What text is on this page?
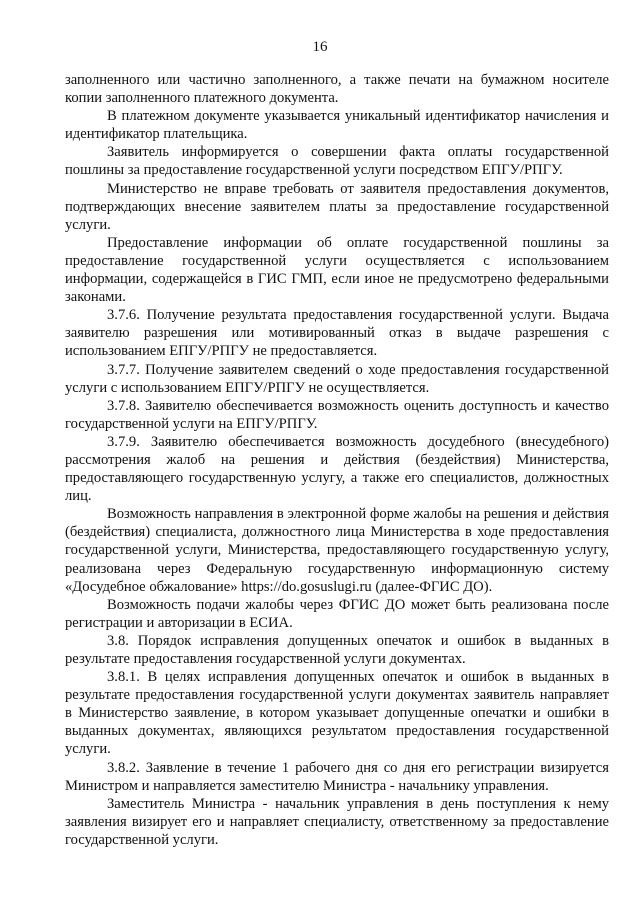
16

заполненного или частично заполненного, а также печати на бумажном носителе копии заполненного платежного документа.

В платежном документе указывается уникальный идентификатор начисления и идентификатор плательщика.

Заявитель информируется о совершении факта оплаты государственной пошлины за предоставление государственной услуги посредством ЕПГУ/РПГУ.

Министерство не вправе требовать от заявителя предоставления документов, подтверждающих внесение заявителем платы за предоставление государственной услуги.

Предоставление информации об оплате государственной пошлины за предоставление государственной услуги осуществляется с использованием информации, содержащейся в ГИС ГМП, если иное не предусмотрено федеральными законами.

3.7.6. Получение результата предоставления государственной услуги. Выдача заявителю разрешения или мотивированный отказ в выдаче разрешения с использованием ЕПГУ/РПГУ не предоставляется.

3.7.7. Получение заявителем сведений о ходе предоставления государственной услуги с использованием ЕПГУ/РПГУ не осуществляется.

3.7.8. Заявителю обеспечивается возможность оценить доступность и качество государственной услуги на ЕПГУ/РПГУ.

3.7.9. Заявителю обеспечивается возможность досудебного (внесудебного) рассмотрения жалоб на решения и действия (бездействия) Министерства, предоставляющего государственную услугу, а также его специалистов, должностных лиц.

Возможность направления в электронной форме жалобы на решения и действия (бездействия) специалиста, должностного лица Министерства в ходе предоставления государственной услуги, Министерства, предоставляющего государственную услугу, реализована через Федеральную государственную информационную систему «Досудебное обжалование» https://do.gosuslugi.ru (далее-ФГИС ДО).

Возможность подачи жалобы через ФГИС ДО может быть реализована после регистрации и авторизации в ЕСИА.

3.8. Порядок исправления допущенных опечаток и ошибок в выданных в результате предоставления государственной услуги документах.

3.8.1. В целях исправления допущенных опечаток и ошибок в выданных в результате предоставления государственной услуги документах заявитель направляет в Министерство заявление, в котором указывает допущенные опечатки и ошибки в выданных документах, являющихся результатом предоставления государственной услуги.

3.8.2. Заявление в течение 1 рабочего дня со дня его регистрации визируется Министром и направляется заместителю Министра - начальнику управления.

Заместитель Министра - начальник управления в день поступления к нему заявления визирует его и направляет специалисту, ответственному за предоставление государственной услуги.
